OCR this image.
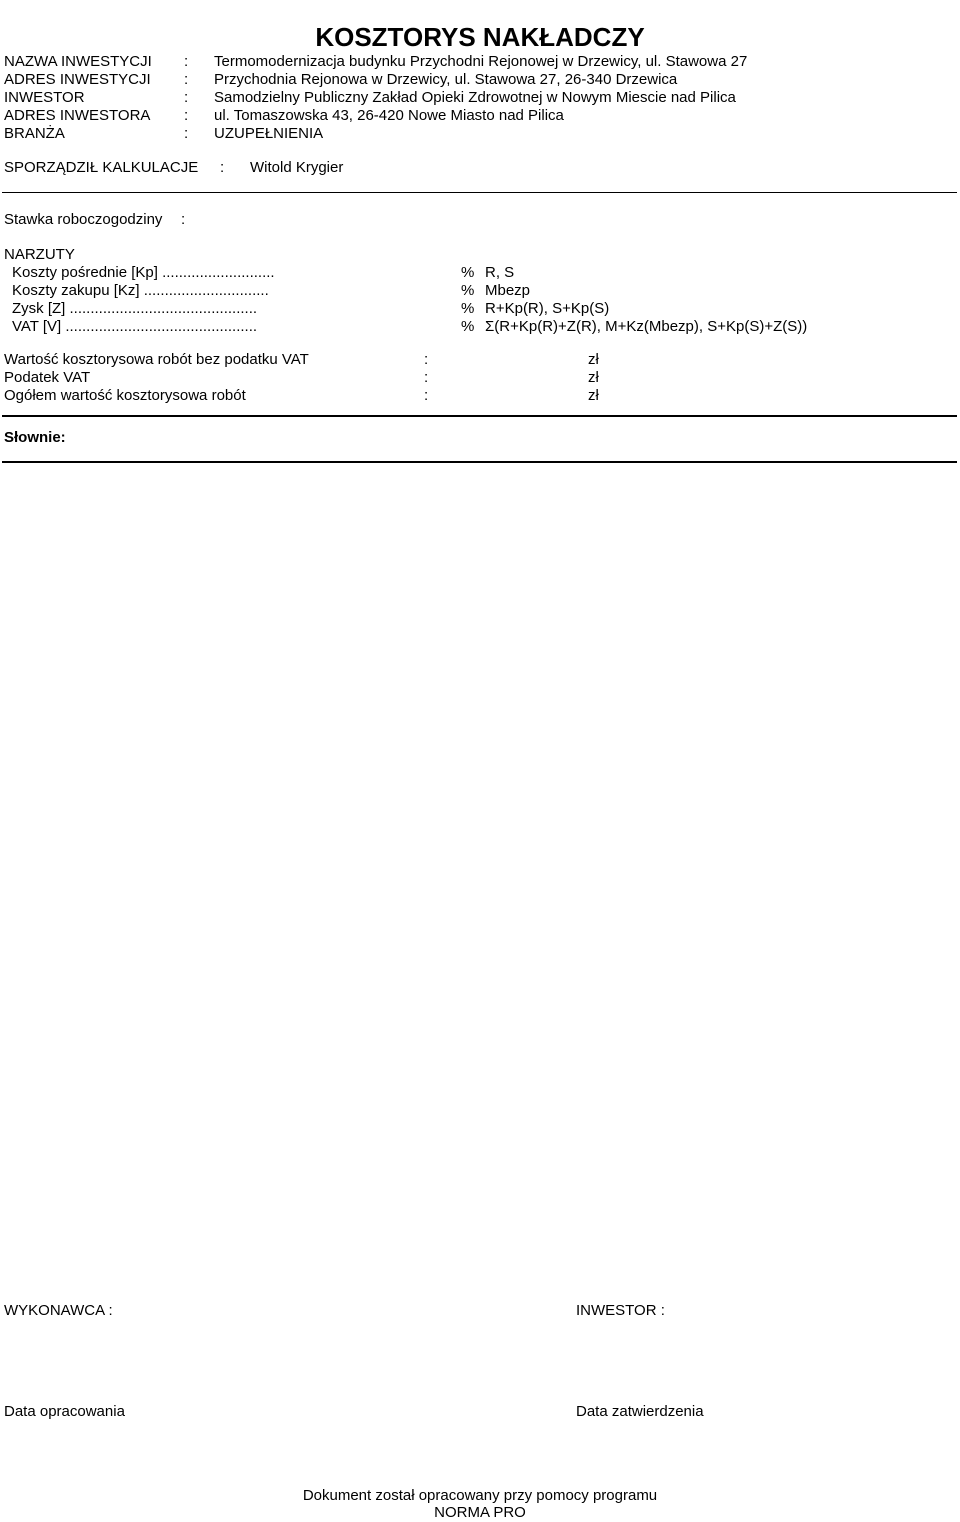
KOSZTORYS NAKŁADCZY
NAZWA INWESTYCJI : Termomodernizacja budynku Przychodni Rejonowej w Drzewicy, ul. Stawowa 27
ADRES INWESTYCJI : Przychodnia Rejonowa w Drzewicy, ul. Stawowa 27, 26-340 Drzewica
INWESTOR	: Samodzielny Publiczny Zakład Opieki Zdrowotnej w Nowym Miescie nad Pilica
ADRES INWESTORA : ul. Tomaszowska 43, 26-420 Nowe Miasto nad Pilica
BRANŻA	: UZUPEŁNIENIA
SPORZĄDZIŁ KALKULACJE : Witold Krygier
Stawka roboczogodziny :
NARZUTY
Koszty pośrednie [Kp] ...........................	% R, S
Koszty zakupu [Kz] ..............................	% Mbezp
Zysk [Z] .............................................	% R+Kp(R), S+Kp(S)
VAT [V] ..............................................	% Σ(R+Kp(R)+Z(R), M+Kz(Mbezp), S+Kp(S)+Z(S))
Wartość kosztorysowa robót bez podatku VAT	:	zł
Podatek VAT	:	zł
Ogółem wartość kosztorysowa robót	:	zł
Słownie:
WYKONAWCA :	INWESTOR :
Data opracowania	Data zatwierdzenia
Dokument został opracowany przy pomocy programu
NORMA PRO
